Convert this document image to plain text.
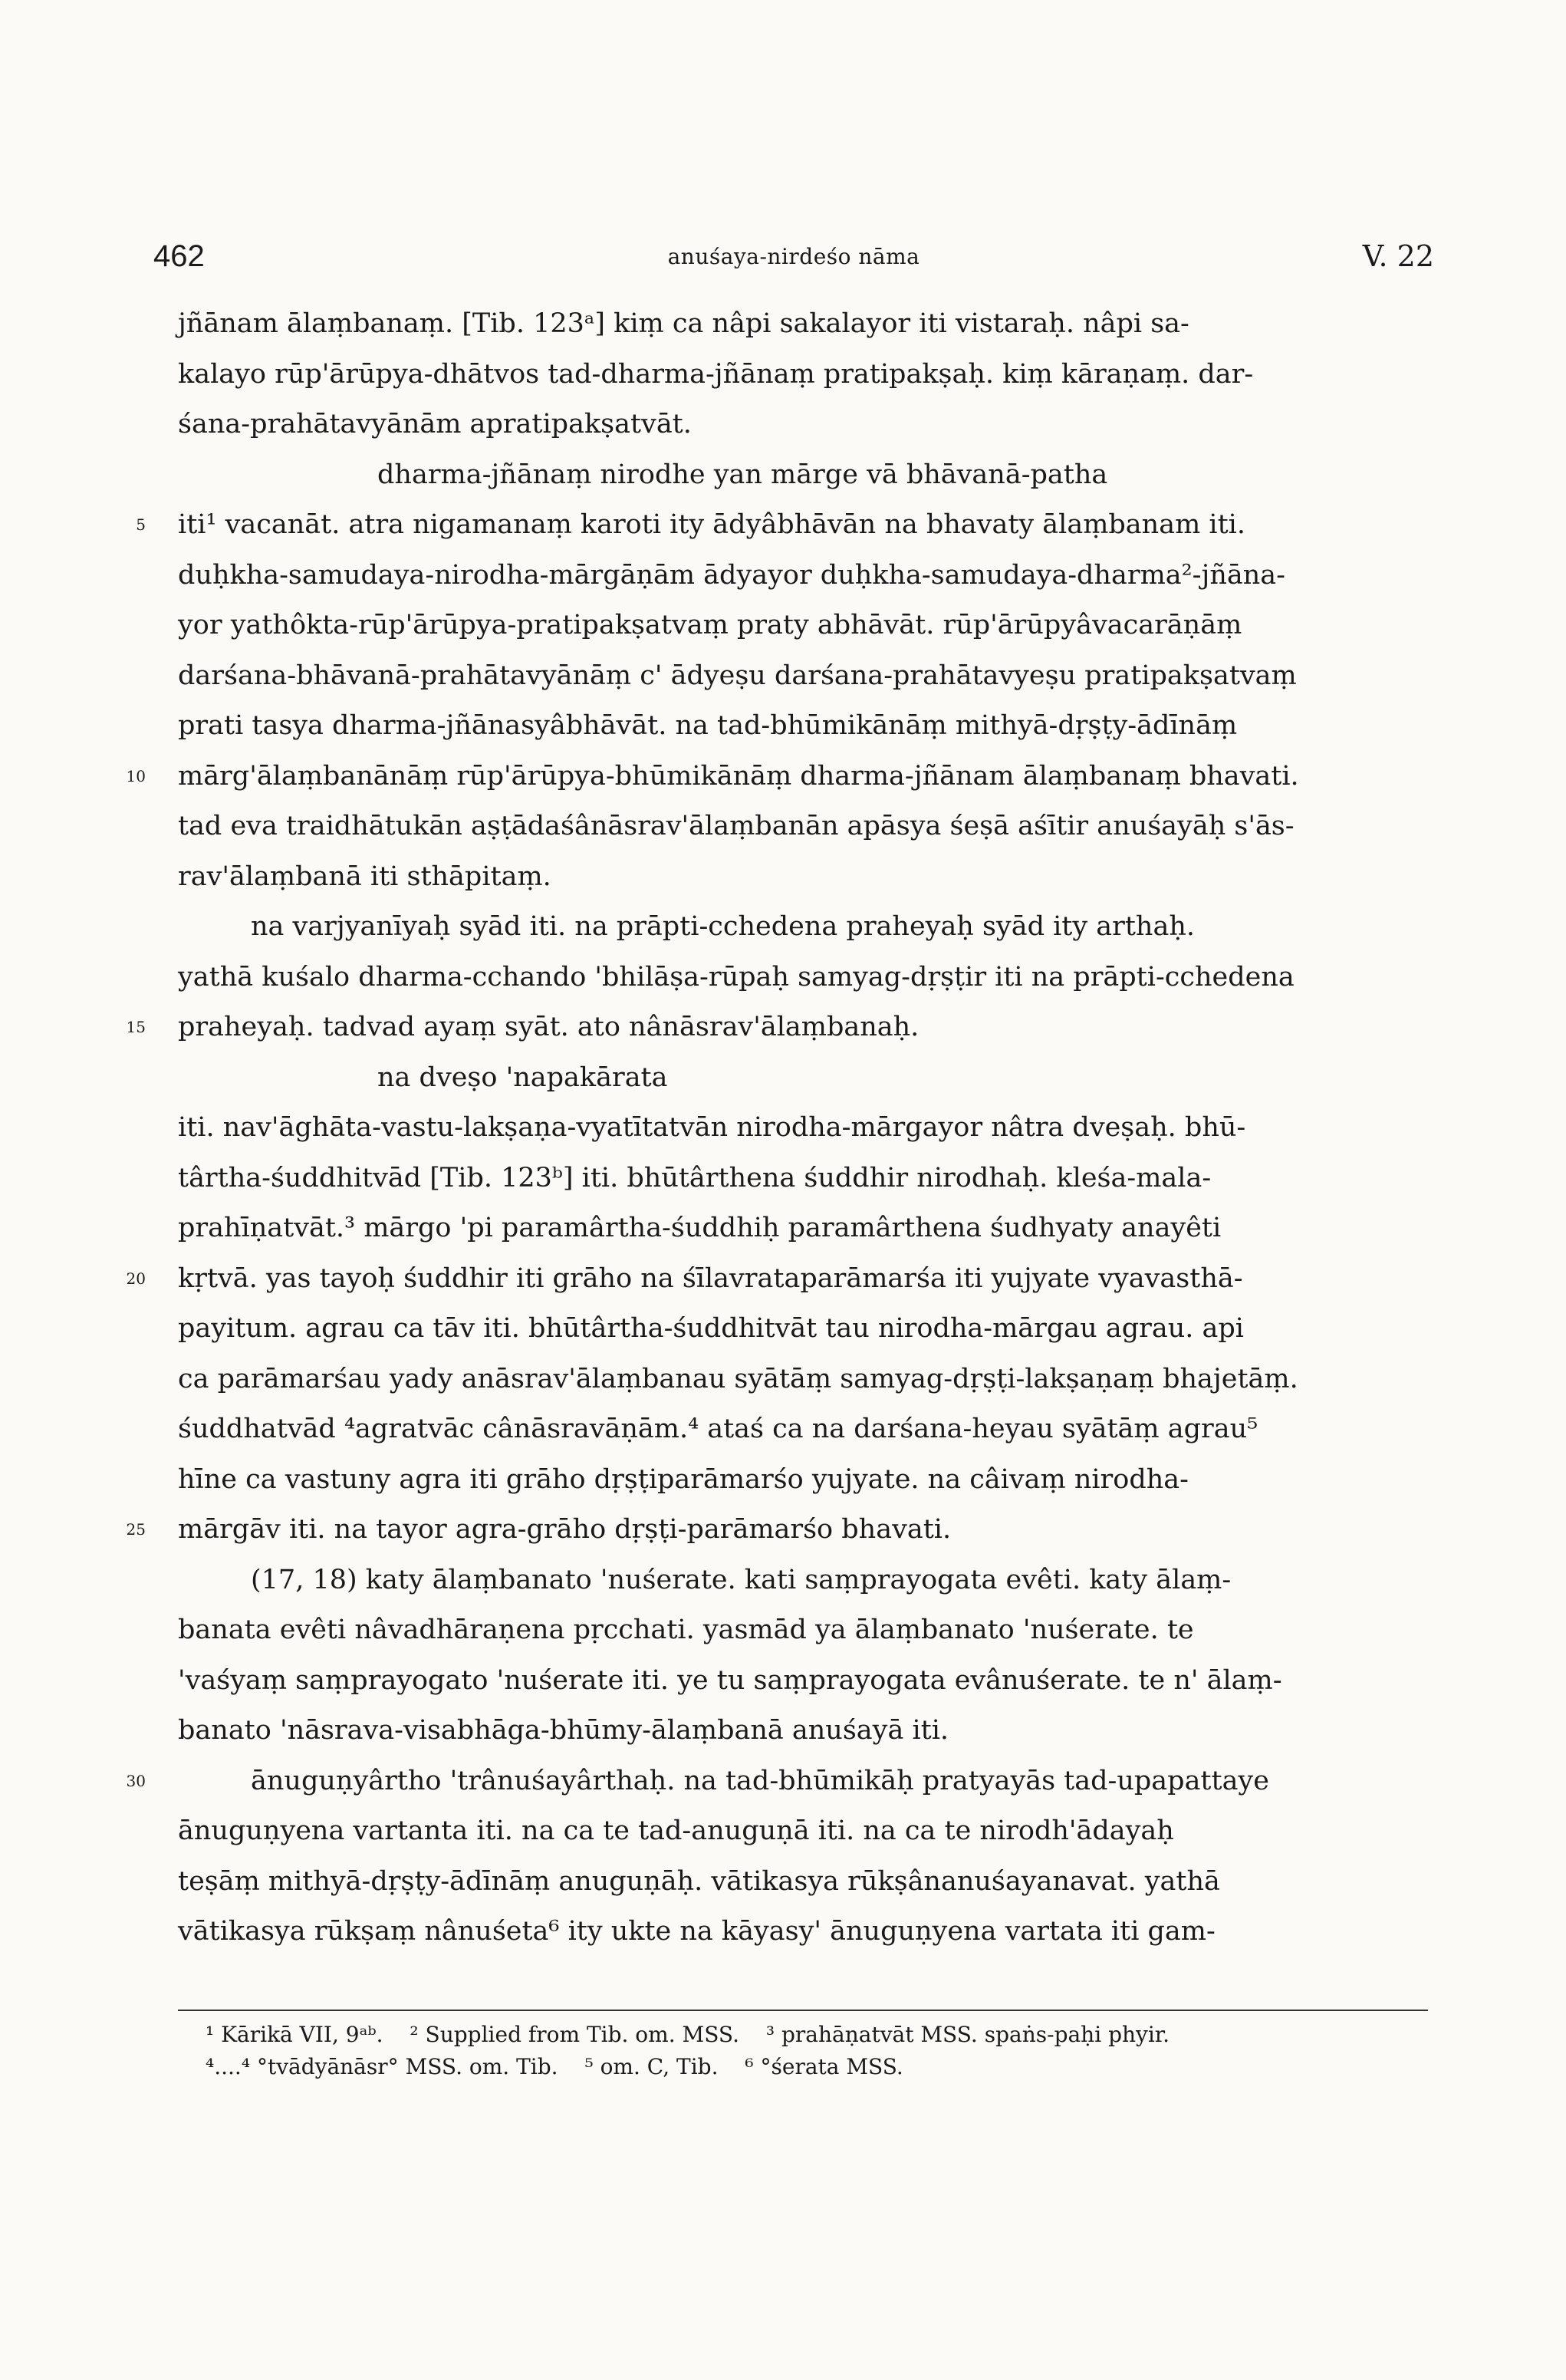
462	anuśaya-nirdeśo nāma	V. 22
jñānam ālaṃbanaṃ. [Tib. 123ᵃ] kiṃ ca nâpi sakalayor iti vistaraḥ. nâpi sa-
kalayo rūp'ārūpya-dhātvos tad-dharma-jñānaṃ pratipakṣaḥ. kiṃ kāraṇaṃ. dar-
śana-prahātavyānām apratipakṣatvāt.
dharma-jñānaṃ nirodhe yan mārge vā bhāvanā-patha
5 iti¹ vacanāt. atra nigamanaṃ karoti ity ādyâbhāvān na bhavaty ālaṃbanam iti.
duḥkha-samudaya-nirodha-mārgāṇām ādyayor duḥkha-samudaya-dharma²-jñāna-
yor yathôkta-rūp'ārūpya-pratipakṣatvaṃ praty abhāvāt. rūp'ārūpyâvacarāṇāṃ
darśana-bhāvanā-prahātavyānāṃ c' ādyeṣu darśana-prahātavyeṣu pratipakṣatvaṃ
prati tasya dharma-jñānasyâbhāvāt. na tad-bhūmikānāṃ mithyā-dṛṣṭy-ādīnāṃ
10 mārg'ālaṃbanānāṃ rūp'ārūpya-bhūmikānāṃ dharma-jñānam ālaṃbanaṃ bhavati.
tad eva traidhātukān aṣṭādaśânāsrav'ālaṃbanān apāsya śeṣā aśītir anuśayāḥ s'ās-
rav'ālaṃbanā iti sthāpitaṃ.
na varjyanīyaḥ syād iti. na prāpti-cchedena praheyaḥ syād ity arthaḥ.
yathā kuśalo dharma-cchando 'bhilāṣa-rūpaḥ samyag-dṛṣṭir iti na prāpti-cchedena
15 praheyaḥ. tadvad ayaṃ syāt. ato nânāsrav'ālaṃbanaḥ.
na dveṣo 'napakārata
iti. nav'āghāta-vastu-lakṣaṇa-vyatītatvān nirodha-mārgayor nâtra dveṣaḥ. bhū-
târtha-śuddhitvād [Tib. 123ᵇ] iti. bhūtârthena śuddhir nirodhaḥ. kleśa-mala-
prahīṇatvāt.³ mārgo 'pi paramârtha-śuddhiḥ paramârthena śudhyaty anayêti
20 kṛtvā. yas tayoḥ śuddhir iti grāho na śīlavrataparāmarśa iti yujyate vyavasthā-
payitum. agrau ca tāv iti. bhūtârtha-śuddhitvāt tau nirodha-mārgau agrau. api
ca parāmarśau yady anāsrav'ālaṃbanau syātāṃ samyag-dṛṣṭi-lakṣaṇaṃ bhajetāṃ.
śuddhatvād ⁴agratvāc cânāsravāṇām.⁴ ataś ca na darśana-heyau syātāṃ agrau⁵
hīne ca vastuny agra iti grāho dṛṣṭiparāmarśo yujyate. na câivaṃ nirodha-
25 mārgāv iti. na tayor agra-grāho dṛṣṭi-parāmarśo bhavati.
(17, 18) katy ālaṃbanato 'nuśerate. kati saṃprayogata evêti. katy ālaṃ-
banata evêti nâvadhāraṇena pṛcchati. yasmād ya ālaṃbanato 'nuśerate. te
'vaśyaṃ saṃprayogato 'nuśerate iti. ye tu saṃprayogata evânuśerate. te n' ālaṃ-
banato 'nāsrava-visabhāga-bhūmy-ālaṃbanā anuśayā iti.
30	ānuguṇyârtho 'trânuśayârthaḥ. na tad-bhūmikāḥ pratyayās tad-upapattaye
ānuguṇyena vartanta iti. na ca te tad-anuguṇā iti. na ca te nirodh'ādayaḥ
teṣāṃ mithyā-dṛṣṭy-ādīnāṃ anuguṇāḥ. vātikasya rūkṣânanuśayanavat. yathā
vātikasya rūkṣaṃ nânuśeta⁶ ity ukte na kāyasy' ānuguṇyena vartata iti gam-
¹ Kārikā VII, 9ᵃᵇ. ² Supplied from Tib. om. MSS. ³ prahāṇatvāt MSS. spaṅs-paḥi phyir.
⁴....⁴ °tvādyānāsr° MSS. om. Tib. ⁵ om. C, Tib. ⁶ °śerata MSS.
